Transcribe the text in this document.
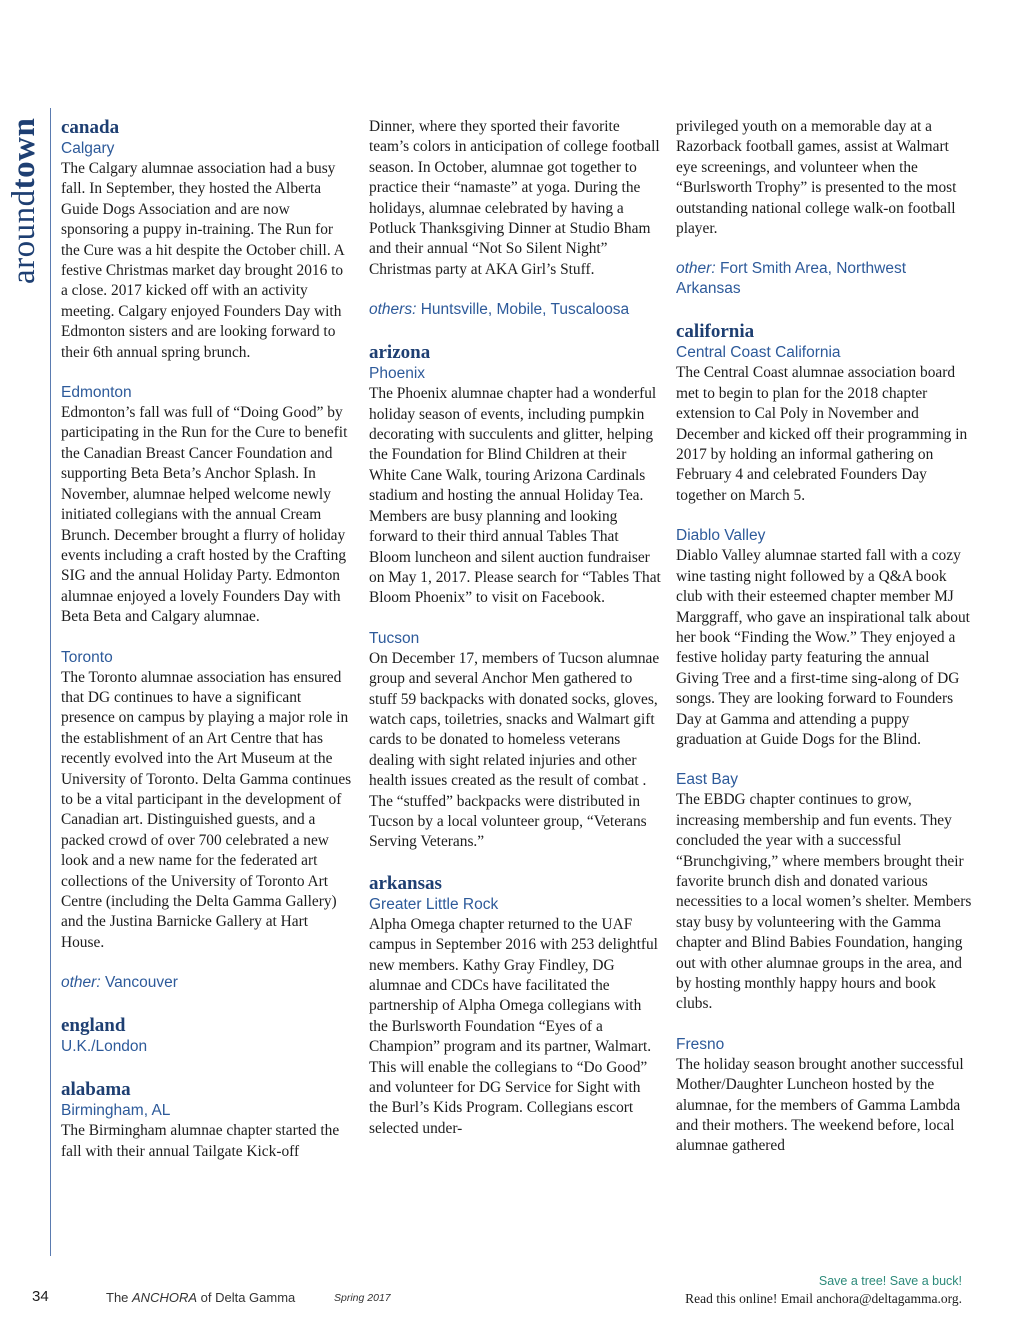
aroundtown canada

Calgary

The Calgary alumnae association had a busy fall. In September, they hosted the Alberta Guide Dogs Association and are now sponsoring a puppy in-training. The Run for the Cure was a hit despite the October chill. A festive Christmas market day brought 2016 to a close. 2017 kicked off with an activity meeting. Calgary enjoyed Founders Day with Edmonton sisters and are looking forward to their 6th annual spring brunch.

Edmonton

Edmonton’s fall was full of “Doing Good” by participating in the Run for the Cure to benefit the Canadian Breast Cancer Foundation and supporting Beta Beta’s Anchor Splash. In November, alumnae helped welcome newly initiated collegians with the annual Cream Brunch. December brought a flurry of holiday events including a craft hosted by the Crafting SIG and the annual Holiday Party. Edmonton alumnae enjoyed a lovely Founders Day with Beta Beta and Calgary alumnae.

Toronto

The Toronto alumnae association has ensured that DG continues to have a significant presence on campus by playing a major role in the establishment of an Art Centre that has recently evolved into the Art Museum at the University of Toronto. Delta Gamma continues to be a vital participant in the development of Canadian art. Distinguished guests, and a packed crowd of over 700 celebrated a new look and a new name for the federated art collections of the University of Toronto Art Centre (including the Delta Gamma Gallery) and the Justina Barnicke Gallery at Hart House.

other: Vancouver

england

U.K./London

alabama

Birmingham, AL

The Birmingham alumnae chapter started the fall with their annual Tailgate Kick-off

Dinner, where they sported their favorite team’s colors in anticipation of college football season. In October, alumnae got together to practice their “namaste” at yoga. During the holidays, alumnae celebrated by having a Potluck Thanksgiving Dinner at Studio Bham and their annual “Not So Silent Night” Christmas party at AKA Girl’s Stuff.

others: Huntsville, Mobile, Tuscaloosa

arizona

Phoenix

The Phoenix alumnae chapter had a wonderful holiday season of events, including pumpkin decorating with succulents and glitter, helping the Foundation for Blind Children at their White Cane Walk, touring Arizona Cardinals stadium and hosting the annual Holiday Tea. Members are busy planning and looking forward to their third annual Tables That Bloom luncheon and silent auction fundraiser on May 1, 2017. Please search for “Tables That Bloom Phoenix” to visit on Facebook.

Tucson

On December 17, members of Tucson alumnae group and several Anchor Men gathered to stuff 59 backpacks with donated socks, gloves, watch caps, toiletries, snacks and Walmart gift cards to be donated to homeless veterans dealing with sight related injuries and other health issues created as the result of combat . The “stuffed” backpacks were distributed in Tucson by a local volunteer group, “Veterans Serving Veterans.”

arkansas

Greater Little Rock

Alpha Omega chapter returned to the UAF campus in September 2016 with 253 delightful new members. Kathy Gray Findley, DG alumnae and CDCs have facilitated the partnership of Alpha Omega collegians with the Burlsworth Foundation “Eyes of a Champion” program and its partner, Walmart. This will enable the collegians to “Do Good” and volunteer for DG Service for Sight with the Burl’s Kids Program. Collegians escort selected under-

privileged youth on a memorable day at a Razorback football games, assist at Walmart eye screenings, and volunteer when the “Burlsworth Trophy” is presented to the most outstanding national college walk-on football player.

other: Fort Smith Area, Northwest Arkansas

california

Central Coast California

The Central Coast alumnae association board met to begin to plan for the 2018 chapter extension to Cal Poly in November and December and kicked off their programming in 2017 by holding an informal gathering on February 4 and celebrated Founders Day together on March 5.

Diablo Valley

Diablo Valley alumnae started fall with a cozy wine tasting night followed by a Q&A book club with their esteemed chapter member MJ Marggraff, who gave an inspirational talk about her book “Finding the Wow.” They enjoyed a festive holiday party featuring the annual Giving Tree and a first-time sing-along of DG songs. They are looking forward to Founders Day at Gamma and attending a puppy graduation at Guide Dogs for the Blind.

East Bay

The EBDG chapter continues to grow, increasing membership and fun events. They concluded the year with a successful “Brunchgiving,” where members brought their favorite brunch dish and donated various necessities to a local women’s shelter. Members stay busy by volunteering with the Gamma chapter and Blind Babies Foundation, hanging out with other alumnae groups in the area, and by hosting monthly happy hours and book clubs.

Fresno

The holiday season brought another successful Mother/Daughter Luncheon hosted by the alumnae, for the members of Gamma Lambda and their mothers. The weekend before, local alumnae gathered

34	The ANCHORA of Delta Gamma	Spring 2017
Save a tree! Save a buck!
Read this online! Email anchora@deltagamma.org.
